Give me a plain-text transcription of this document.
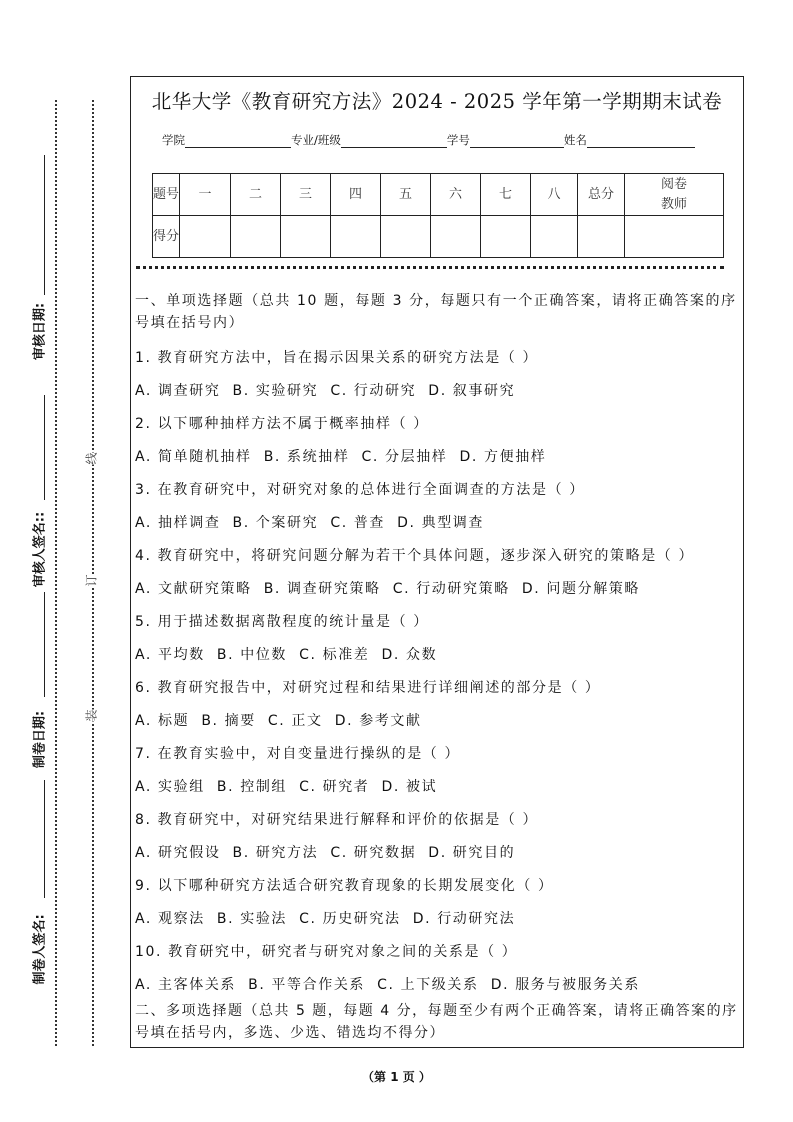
审核日期:
审核人签名::
制卷日期:
制卷人签名:
线
订
装
北华大学《教育研究方法》2024 - 2025 学年第一学期期末试卷
学院	专业/班级	学号	姓名
题号	一	二	三	四	五	六	七	八	总分	阅卷教师
得分										

一、单项选择题（总共 10 题，每题 3 分，每题只有一个正确答案，请将正确答案的序号填在括号内）

1. 教育研究方法中，旨在揭示因果关系的研究方法是（ ）

A. 调查研究  B. 实验研究  C. 行动研究  D. 叙事研究

2. 以下哪种抽样方法不属于概率抽样（ ）

A. 简单随机抽样  B. 系统抽样  C. 分层抽样  D. 方便抽样

3. 在教育研究中，对研究对象的总体进行全面调查的方法是（ ）

A. 抽样调查  B. 个案研究  C. 普查  D. 典型调查

4. 教育研究中，将研究问题分解为若干个具体问题，逐步深入研究的策略是（ ）

A. 文献研究策略  B. 调查研究策略  C. 行动研究策略  D. 问题分解策略

5. 用于描述数据离散程度的统计量是（ ）

A. 平均数  B. 中位数  C. 标准差  D. 众数

6. 教育研究报告中，对研究过程和结果进行详细阐述的部分是（ ）

A. 标题  B. 摘要  C. 正文  D. 参考文献

7. 在教育实验中，对自变量进行操纵的是（ ）

A. 实验组  B. 控制组  C. 研究者  D. 被试

8. 教育研究中，对研究结果进行解释和评价的依据是（ ）

A. 研究假设  B. 研究方法  C. 研究数据  D. 研究目的

9. 以下哪种研究方法适合研究教育现象的长期发展变化（ ）

A. 观察法  B. 实验法  C. 历史研究法  D. 行动研究法

10. 教育研究中，研究者与研究对象之间的关系是（ ）

A. 主客体关系  B. 平等合作关系  C. 上下级关系  D. 服务与被服务关系

二、多项选择题（总共 5 题，每题 4 分，每题至少有两个正确答案，请将正确答案的序号填在括号内，多选、少选、错选均不得分）
（第 1 页 ）
